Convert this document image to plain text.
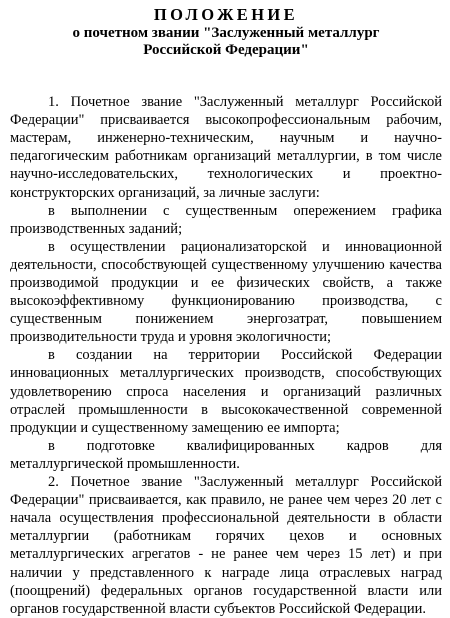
ПОЛОЖЕНИЕ
о почетном звании "Заслуженный металлург
Российской Федерации"

1. Почетное звание "Заслуженный металлург Российской Федерации" присваивается высокопрофессиональным рабочим, мастерам, инженерно-техническим, научным и научно-педагогическим работникам организаций металлургии, в том числе научно-исследовательских, технологических и проектно-конструкторских организаций, за личные заслуги:

в выполнении с существенным опережением графика производственных заданий;

в осуществлении рационализаторской и инновационной деятельности, способствующей существенному улучшению качества производимой продукции и ее физических свойств, а также высокоэффективному функционированию производства, с существенным понижением энергозатрат, повышением производительности труда и уровня экологичности;

в создании на территории Российской Федерации инновационных металлургических производств, способствующих удовлетворению спроса населения и организаций различных отраслей промышленности в высококачественной современной продукции и существенному замещению ее импорта;

в подготовке квалифицированных кадров для металлургической промышленности.

2. Почетное звание "Заслуженный металлург Российской Федерации" присваивается, как правило, не ранее чем через 20 лет с начала осуществления профессиональной деятельности в области металлургии (работникам горячих цехов и основных металлургических агрегатов - не ранее чем через 15 лет) и при наличии у представленного к награде лица отраслевых наград (поощрений) федеральных органов государственной власти или органов государственной власти субъектов Российской Федерации.
